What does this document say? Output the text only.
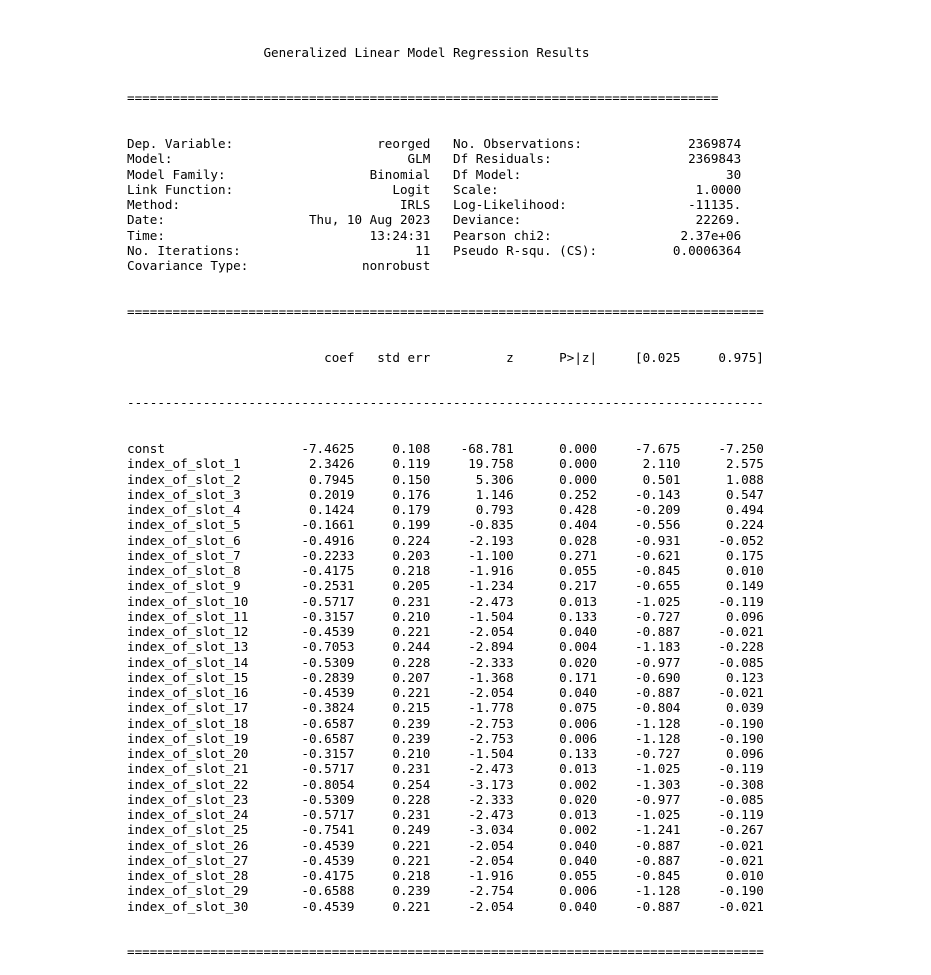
Generalized Linear Model Regression Results

==============================================================================

Dep. Variable:                   reorged   No. Observations:              2369874
Model:                               GLM   Df Residuals:                  2369843
Model Family:                   Binomial   Df Model:                           30
Link Function:                     Logit   Scale:                          1.0000
Method:                             IRLS   Log-Likelihood:                -11135.
Date:                   Thu, 10 Aug 2023   Deviance:                       22269.
Time:                           13:24:31   Pearson chi2:                 2.37e+06
No. Iterations:                       11   Pseudo R-squ. (CS):          0.0006364
Covariance Type:               nonrobust

====================================================================================

coef   std err          z      P>|z|     [0.025     0.975]

------------------------------------------------------------------------------------

const                  -7.4625     0.108    -68.781      0.000     -7.675     -7.250
index_of_slot_1         2.3426     0.119     19.758      0.000      2.110      2.575
index_of_slot_2         0.7945     0.150      5.306      0.000      0.501      1.088
index_of_slot_3         0.2019     0.176      1.146      0.252     -0.143      0.547
index_of_slot_4         0.1424     0.179      0.793      0.428     -0.209      0.494
index_of_slot_5        -0.1661     0.199     -0.835      0.404     -0.556      0.224
index_of_slot_6        -0.4916     0.224     -2.193      0.028     -0.931     -0.052
index_of_slot_7        -0.2233     0.203     -1.100      0.271     -0.621      0.175
index_of_slot_8        -0.4175     0.218     -1.916      0.055     -0.845      0.010
index_of_slot_9        -0.2531     0.205     -1.234      0.217     -0.655      0.149
index_of_slot_10       -0.5717     0.231     -2.473      0.013     -1.025     -0.119
index_of_slot_11       -0.3157     0.210     -1.504      0.133     -0.727      0.096
index_of_slot_12       -0.4539     0.221     -2.054      0.040     -0.887     -0.021
index_of_slot_13       -0.7053     0.244     -2.894      0.004     -1.183     -0.228
index_of_slot_14       -0.5309     0.228     -2.333      0.020     -0.977     -0.085
index_of_slot_15       -0.2839     0.207     -1.368      0.171     -0.690      0.123
index_of_slot_16       -0.4539     0.221     -2.054      0.040     -0.887     -0.021
index_of_slot_17       -0.3824     0.215     -1.778      0.075     -0.804      0.039
index_of_slot_18       -0.6587     0.239     -2.753      0.006     -1.128     -0.190
index_of_slot_19       -0.6587     0.239     -2.753      0.006     -1.128     -0.190
index_of_slot_20       -0.3157     0.210     -1.504      0.133     -0.727      0.096
index_of_slot_21       -0.5717     0.231     -2.473      0.013     -1.025     -0.119
index_of_slot_22       -0.8054     0.254     -3.173      0.002     -1.303     -0.308
index_of_slot_23       -0.5309     0.228     -2.333      0.020     -0.977     -0.085
index_of_slot_24       -0.5717     0.231     -2.473      0.013     -1.025     -0.119
index_of_slot_25       -0.7541     0.249     -3.034      0.002     -1.241     -0.267
index_of_slot_26       -0.4539     0.221     -2.054      0.040     -0.887     -0.021
index_of_slot_27       -0.4539     0.221     -2.054      0.040     -0.887     -0.021
index_of_slot_28       -0.4175     0.218     -1.916      0.055     -0.845      0.010
index_of_slot_29       -0.6588     0.239     -2.754      0.006     -1.128     -0.190
index_of_slot_30       -0.4539     0.221     -2.054      0.040     -0.887     -0.021

====================================================================================
